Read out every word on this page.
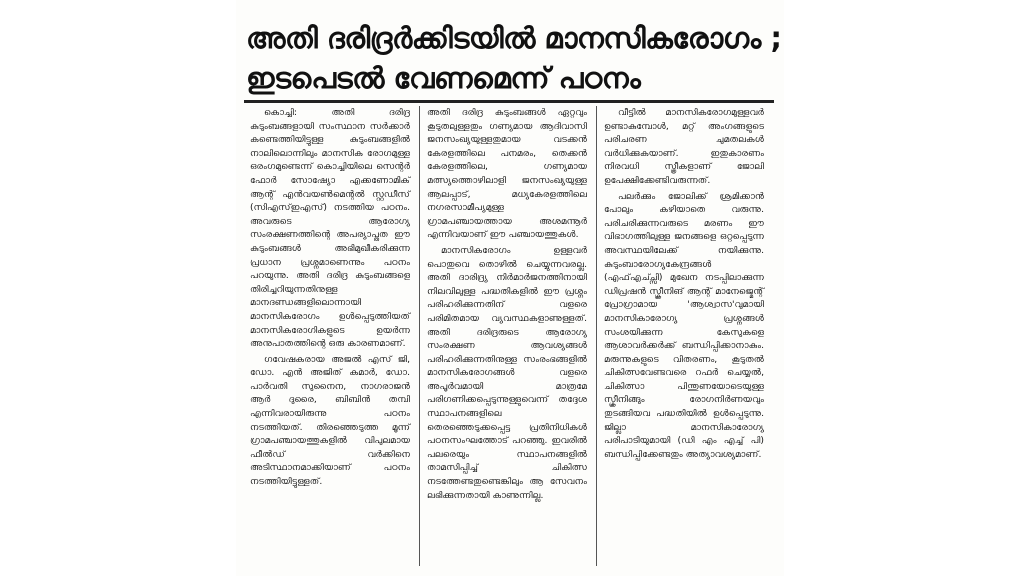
അതി ദരിദ്രർക്കിടയിൽ മാനസികരോഗം ;
ഇടപെടൽ വേണമെന്ന് പഠനം

കൊച്ചി: അതി ദരിദ്ര കുടുംബങ്ങളായി സംസ്ഥാന സർക്കാർ കണ്ടെത്തിയിട്ടുള്ള കുടുംബങ്ങളിൽ നാലിലൊന്നിലും മാനസിക രോഗമുള്ള ഒരംഗമുണ്ടെന്ന് കൊച്ചിയിലെ സെന്റർ ഫോർ സോഷ്യോ എക്കണോമിക് ആന്റ് എൻവയൺമെന്റൽ സ്റ്റഡീസ് (സിഎസ്ഇഎസ്) നടത്തിയ പഠനം. അവരുടെ ആരോഗ്യ സംരക്ഷണത്തിന്റെ അപര്യാപ്തത ഈ കുടുംബങ്ങൾ അഭിമുഖീകരിക്കുന്ന പ്രധാന പ്രശ്നമാണെന്നും പഠനം പറയുന്നു. അതി ദരിദ്ര കുടുംബങ്ങളെ തിരിച്ചറിയുന്നതിനുള്ള മാനദണ്ഡങ്ങളിലൊന്നായി മാനസികരോഗം ഉൾപ്പെടുത്തിയത് മാനസികരോഗികളുടെ ഉയർന്ന അനുപാതത്തിന്റെ ഒരു കാരണമാണ്.

ഗവേഷകരായ അജൽ എസ് ജി, ഡോ. എൻ അജിത് കമാർ, ഡോ. പാർവതി സുനൈന, നാഗരാജൻ ആർ ദുരൈ, ബിബിൻ തമ്പി എന്നിവരായിരുന്നു പഠനം നടത്തിയത്. തിരഞ്ഞെടുത്ത മൂന്ന് ഗ്രാമപഞ്ചായത്തുകളിൽ വിപുലമായ ഫീൽഡ് വർക്കിനെ അടിസ്ഥാനമാക്കിയാണ് പഠനം നടത്തിയിട്ടുള്ളത്.

അതി ദരിദ്ര കുടുംബങ്ങൾ ഏറ്റവും കൂടുതലുള്ളതും ഗണ്യമായ ആദിവാസി ജനസംഖ്യയുള്ളതുമായ വടക്കൻ കേരളത്തിലെ പനമരം, തെക്കൻ കേരളത്തിലെ, ഗണ്യമായ മത്സ്യത്തൊഴിലാളി ജനസംഖ്യയുള്ള ആലപ്പാട്, മധ്യകേരളത്തിലെ നഗരസാമീപ്യമുള്ള ഗ്രാമപഞ്ചായത്തായ അശമന്നൂർ എന്നിവയാണ് ഈ പഞ്ചായത്തുകൾ.

മാനസികരോഗം ഉള്ളവർ പൊതുവെ തൊഴിൽ ചെയ്യുന്നവരല്ല. അതി ദാരിദ്ര്യ നിർമാർജനത്തിനായി നിലവിലുള്ള പദ്ധതികളിൽ ഈ പ്രശ്നം പരിഹരിക്കുന്നതിന് വളരെ പരിമിതമായ വ്യവസ്ഥകളാണുള്ളത്. അതി ദരിദ്രരുടെ ആരോഗ്യ സംരക്ഷണ ആവശ്യങ്ങൾ പരിഹരിക്കുന്നതിനുള്ള സംരംഭങ്ങളിൽ മാനസികരോഗങ്ങൾ വളരെ അപൂർവമായി മാത്രമേ പരിഗണിക്കപ്പെടുന്നുള്ളുവെന്ന് തദ്ദേശ സ്ഥാപനങ്ങളിലെ തെരഞ്ഞെടുക്കപ്പെട്ട പ്രതിനിധികൾ പഠനസംഘത്തോട് പറഞ്ഞു. ഇവരിൽ പലരെയും സ്ഥാപനങ്ങളിൽ താമസിപ്പിച്ച് ചികിത്സ നടത്തേണ്ടതുണ്ടെങ്കിലും ആ സേവനം ലഭിക്കുന്നതായി കാണുന്നില്ല.

വീട്ടിൽ മാനസികരോഗമുള്ളവർ ഉണ്ടാകുമ്പോൾ, മറ്റ് അംഗങ്ങളുടെ പരിചരണ ചുമതലകൾ വർധിക്കുകയാണ്. ഇതുകാരണം നിരവധി സ്ത്രീകളാണ് ജോലി ഉപേക്ഷിക്കേണ്ടിവരുന്നത്.

പലർക്കും ജോലിക്ക് ശ്രമിക്കാൻ പോലും കഴിയാതെ വരുന്നു. പരിചരിക്കുന്നവരുടെ മരണം ഈ വിഭാഗത്തിലുള്ള ജനങ്ങളെ ഒറ്റപ്പെടുന്ന അവസ്ഥയിലേക്ക് നയിക്കുന്നു. കുടുംബാരോഗ്യകേന്ദ്രങ്ങൾ (എഫ്എച്ച്സി) മുഖേന നടപ്പിലാക്കുന്ന ഡിപ്രഷൻ സ്ക്രീനിങ് ആന്റ് മാനേജ്മെന്റ് പ്രോഗ്രാമായ 'ആശ്വാസ'വുമായി മാനസികാരോഗ്യ പ്രശ്നങ്ങൾ സംശയിക്കുന്ന കേസുകളെ ആശാവർക്കർക്ക് ബന്ധിപ്പിക്കാനാകും. മരുന്നുകളുടെ വിതരണം, കൂടുതൽ ചികിത്സവേണ്ടവരെ റഫർ ചെയ്യൽ, ചികിത്സാ പിന്തുണയോടെയുള്ള സ്ക്രീനിങ്ങും രോഗനിർണയവും തുടങ്ങിയവ പദ്ധതിയിൽ ഉൾപ്പെടുന്നു. ജില്ലാ മാനസികാരോഗ്യ പരിപാടിയുമായി (ഡി എം എച്ച് പി) ബന്ധിപ്പിക്കേണ്ടതും അത്യാവശ്യമാണ്.
